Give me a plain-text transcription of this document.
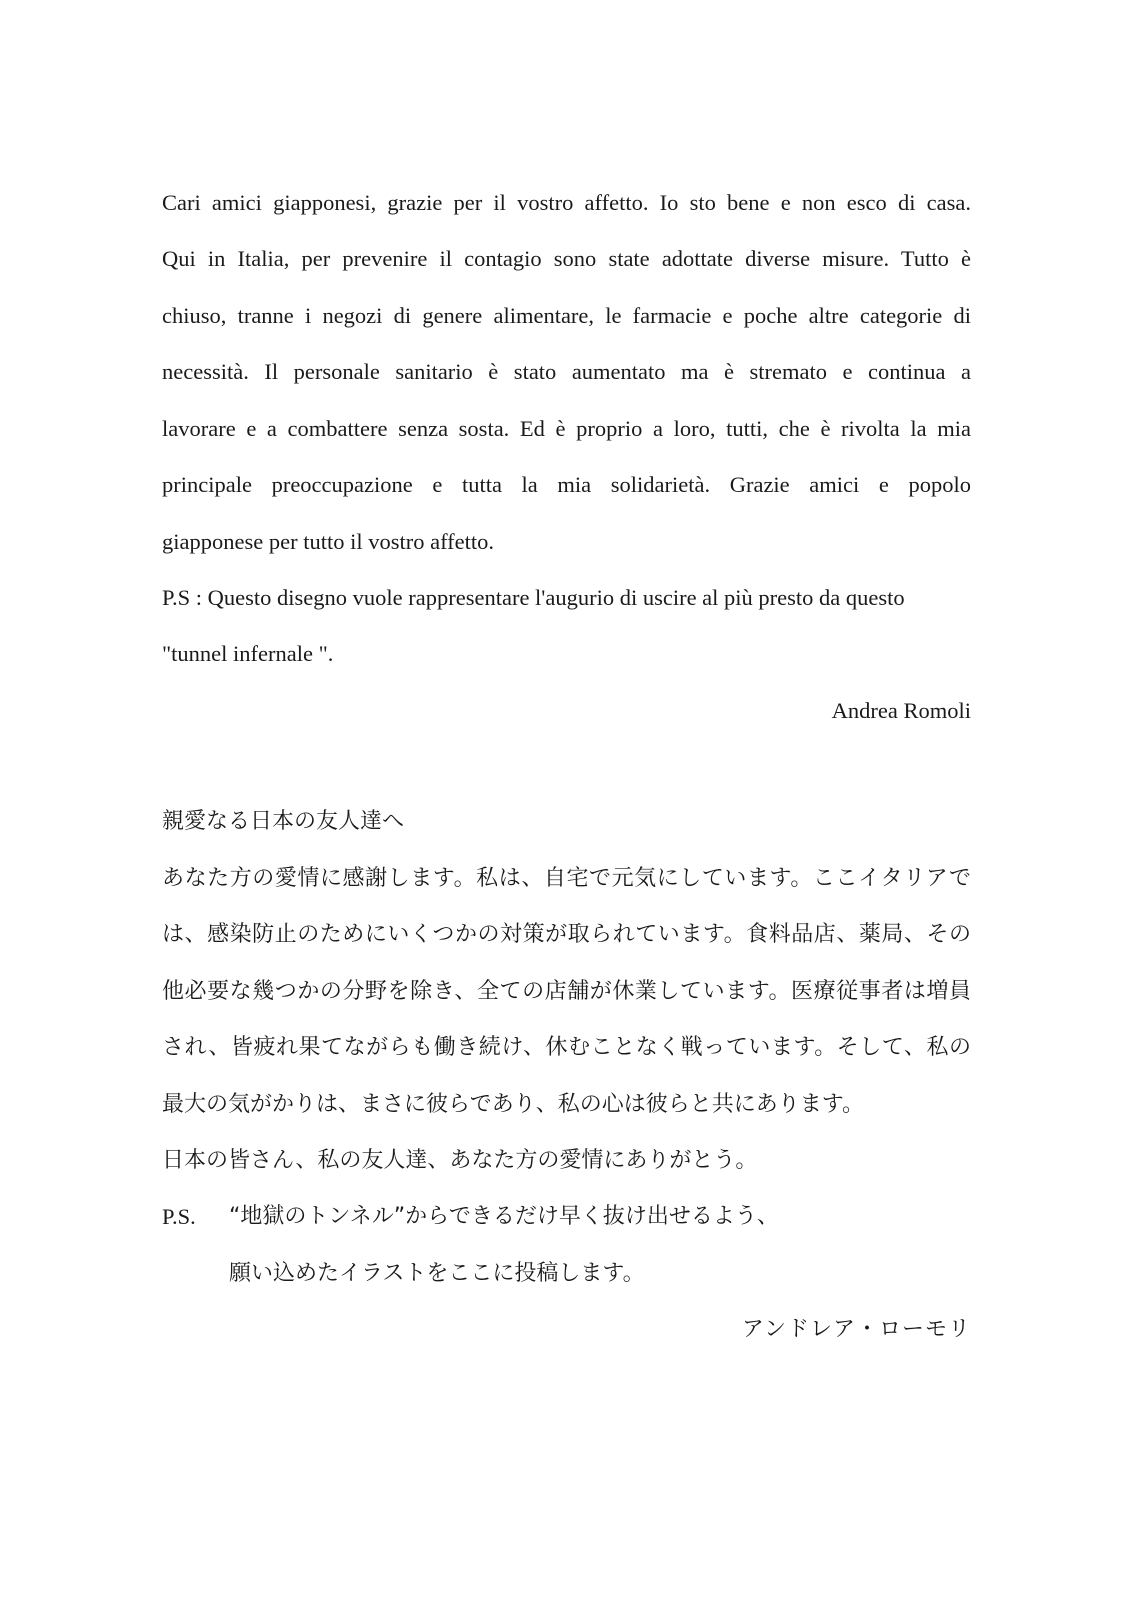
Cari amici giapponesi, grazie per il vostro affetto. Io sto bene e non esco di casa.
Qui in Italia, per prevenire il contagio sono state adottate diverse misure. Tutto è
chiuso, tranne i negozi di genere alimentare, le farmacie e poche altre categorie di
necessità. Il personale sanitario è stato aumentato ma è stremato e continua a
lavorare e a combattere senza sosta. Ed è proprio a loro, tutti, che è rivolta la mia
principale preoccupazione e tutta la mia solidarietà. Grazie amici e popolo
giapponese per tutto il vostro affetto.
P.S : Questo disegno vuole rappresentare l'augurio di uscire al più presto da questo
"tunnel infernale ".
Andrea Romoli
親愛なる日本の友人達へ
あなた方の愛情に感謝します。私は、自宅で元気にしています。ここイタリアで
は、感染防止のためにいくつかの対策が取られています。食料品店、薬局、その
他必要な幾つかの分野を除き、全ての店舗が休業しています。医療従事者は増員
され、皆疲れ果てながらも働き続け、休むことなく戦っています。そして、私の
最大の気がかりは、まさに彼らであり、私の心は彼らと共にあります。
日本の皆さん、私の友人達、あなた方の愛情にありがとう。
P.S. “地獄のトンネル”からできるだけ早く抜け出せるよう、
願い込めたイラストをここに投稿します。
アンドレア・ローモリ
